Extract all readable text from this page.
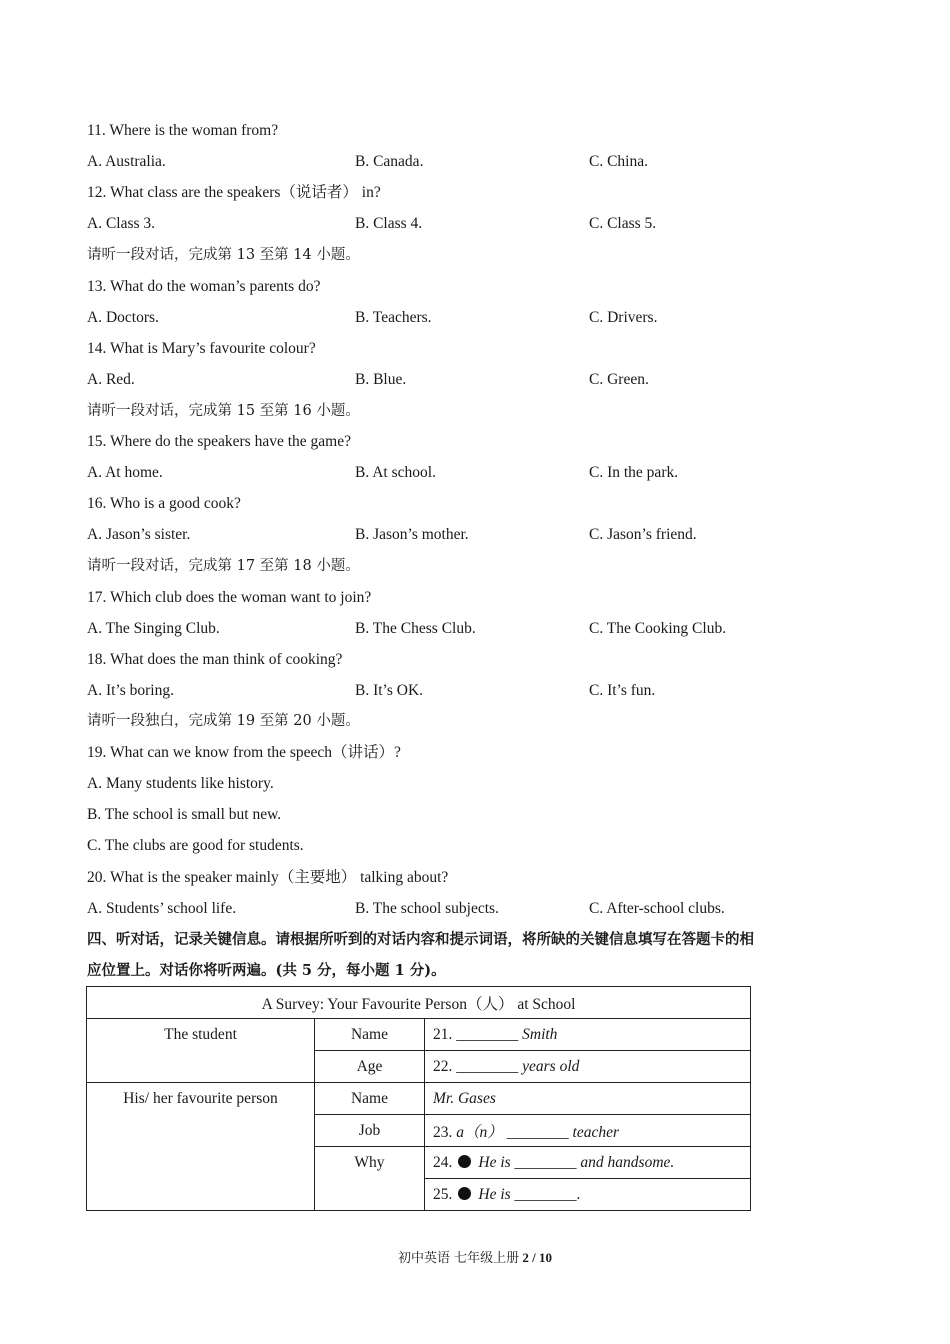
11. Where is the woman from?
A. Australia.	B. Canada.	C. China.
12. What class are the speakers（说话者） in?
A. Class 3.	B. Class 4.	C. Class 5.
请听一段对话，完成第 13 至第 14 小题。
13. What do the woman’s parents do?
A. Doctors.	B. Teachers.	C. Drivers.
14. What is Mary’s favourite colour?
A. Red.	B. Blue.	C. Green.
请听一段对话，完成第 15 至第 16 小题。
15. Where do the speakers have the game?
A. At home.	B. At school.	C. In the park.
16. Who is a good cook?
A. Jason’s sister.	B. Jason’s mother.	C. Jason’s friend.
请听一段对话，完成第 17 至第 18 小题。
17. Which club does the woman want to join?
A. The Singing Club.	B. The Chess Club.	C. The Cooking Club.
18. What does the man think of cooking?
A. It’s boring.	B. It’s OK.	C. It’s fun.
请听一段独白，完成第 19 至第 20 小题。
19. What can we know from the speech（讲话）?
A. Many students like history.
B. The school is small but new.
C. The clubs are good for students.
20. What is the speaker mainly（主要地） talking about?
A. Students’ school life.	B. The school subjects.	C. After-school clubs.
四、听对话，记录关键信息。请根据所听到的对话内容和提示词语，将所缺的关键信息填写在答题卡的相
应位置上。对话你将听两遍。(共 5 分，每小题 1 分)。
A Survey: Your Favourite Person（人） at School		
The student	Name	21. ________ Smith
	Age	22. ________ years old
His/ her favourite person	Name	Mr. Gases
	Job	23. a（n） ________ teacher
	Why	24. He is ________ and handsome.
		25. He is ________.
初中英语 七年级上册 2 / 10
